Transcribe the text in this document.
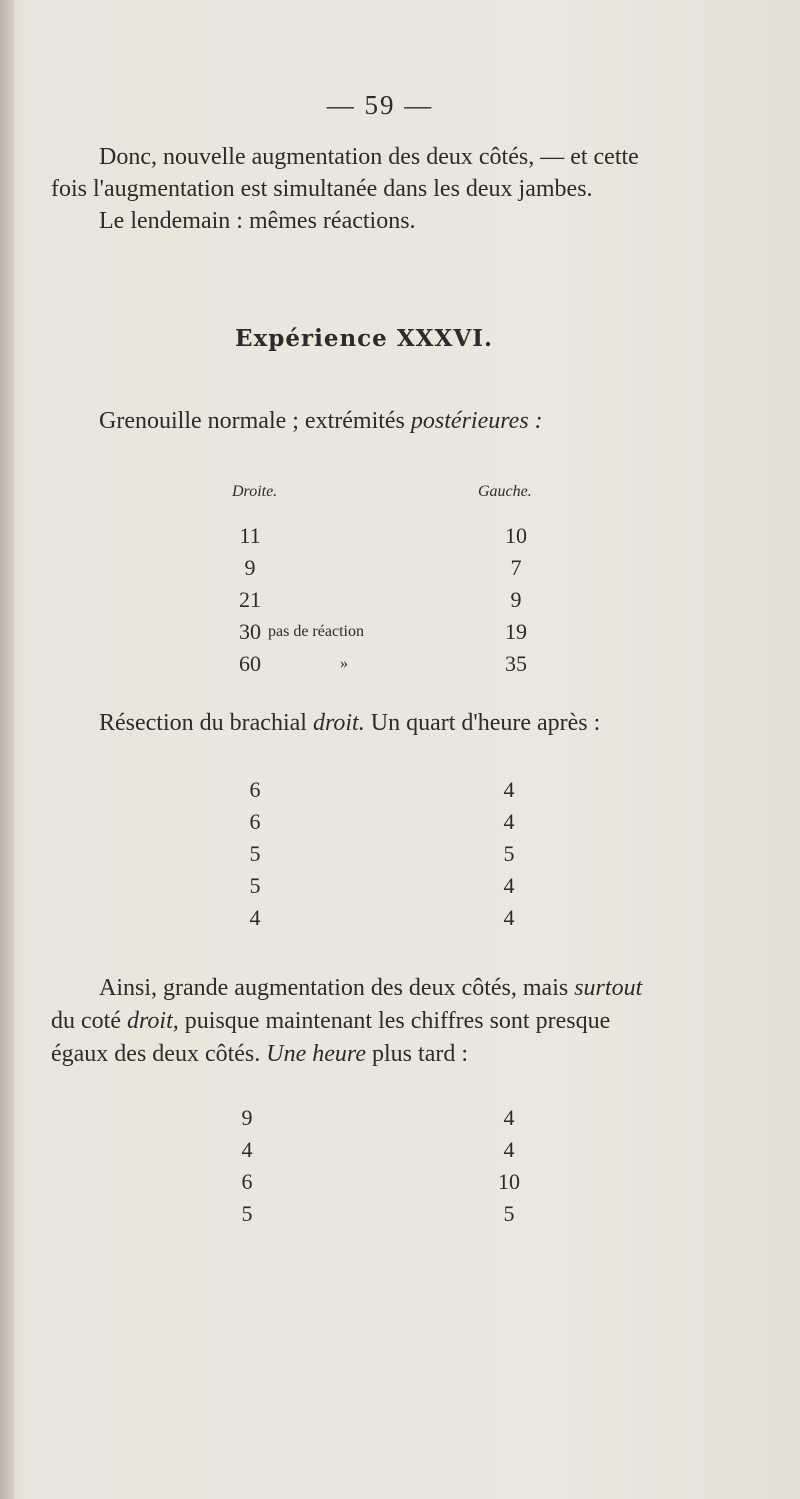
— 59 —
Donc, nouvelle augmentation des deux côtés, — et cette
fois l'augmentation est simultanée dans les deux jambes.
Le lendemain : mêmes réactions.
Expérience XXXVI.
Grenouille normale ; extrémités postérieures :
Droite.	Gauche.
11	10
9	7
21	9
30 pas de réaction	19
60	»	35
Résection du brachial droit. Un quart d'heure après :
6	4
6	4
5	5
5	4
4	4
Ainsi, grande augmentation des deux côtés, mais surtout
du coté droit, puisque maintenant les chiffres sont presque
égaux des deux côtés. Une heure plus tard :
9	4
4	4
6	10
5	5
